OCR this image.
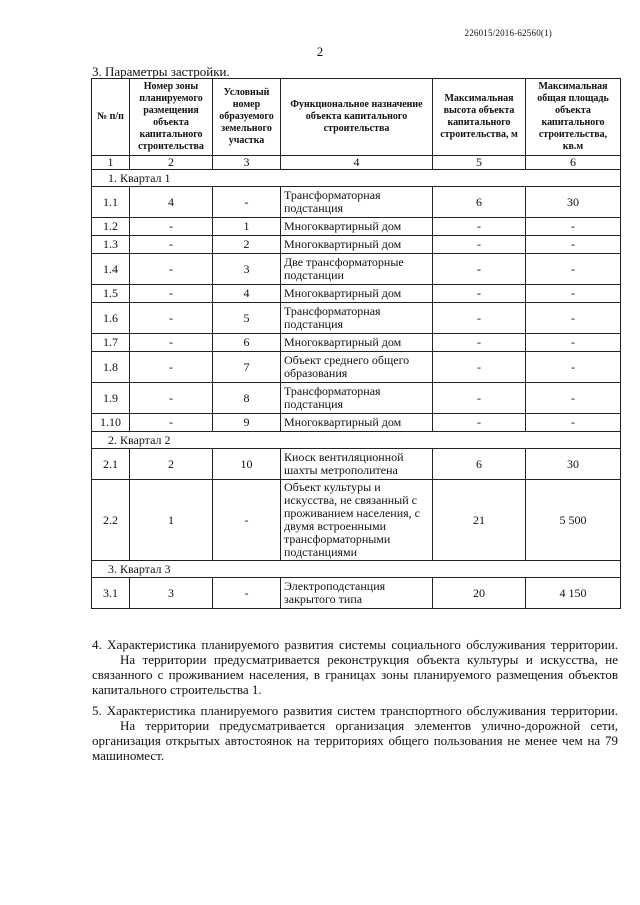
226015/2016-62560(1)
2
3. Параметры застройки.
№ п/п	Номер зоны планируемого размещения объекта капитального строительства	Условный номер образуемого земельного участка	Функциональное назначение объекта капитального строительства	Максимальная высота объекта капитального строительства, м	Максимальная общая площадь объекта капитального строительства, кв.м
1	2	3	4	5	6
1. Квартал 1					
1.1	4	-	Трансформаторная подстанция	6	30
1.2	-	1	Многоквартирный дом	-	-
1.3	-	2	Многоквартирный дом	-	-
1.4	-	3	Две трансформаторные подстанции	-	-
1.5	-	4	Многоквартирный дом	-	-
1.6	-	5	Трансформаторная подстанция	-	-
1.7	-	6	Многоквартирный дом	-	-
1.8	-	7	Объект среднего общего образования	-	-
1.9	-	8	Трансформаторная подстанция	-	-
1.10	-	9	Многоквартирный дом	-	-
2. Квартал 2					
2.1	2	10	Киоск вентиляционной шахты метрополитена	6	30
2.2	1	-	Объект культуры и искусства, не связанный с проживанием населения, с двумя встроенными трансформаторными подстанциями	21	5 500
3. Квартал 3					
3.1	3	-	Электроподстанция закрытого типа	20	4 150

4. Характеристика планируемого развития системы социального обслуживания территории.

На территории предусматривается реконструкция объекта культуры и искусства, не связанного с проживанием населения, в границах зоны планируемого размещения объектов капитального строительства 1.

5. Характеристика планируемого развития систем транспортного обслуживания территории.

На территории предусматривается организация элементов улично-дорожной сети, организация открытых автостоянок на территориях общего пользования не менее чем на 79 машиномест.
